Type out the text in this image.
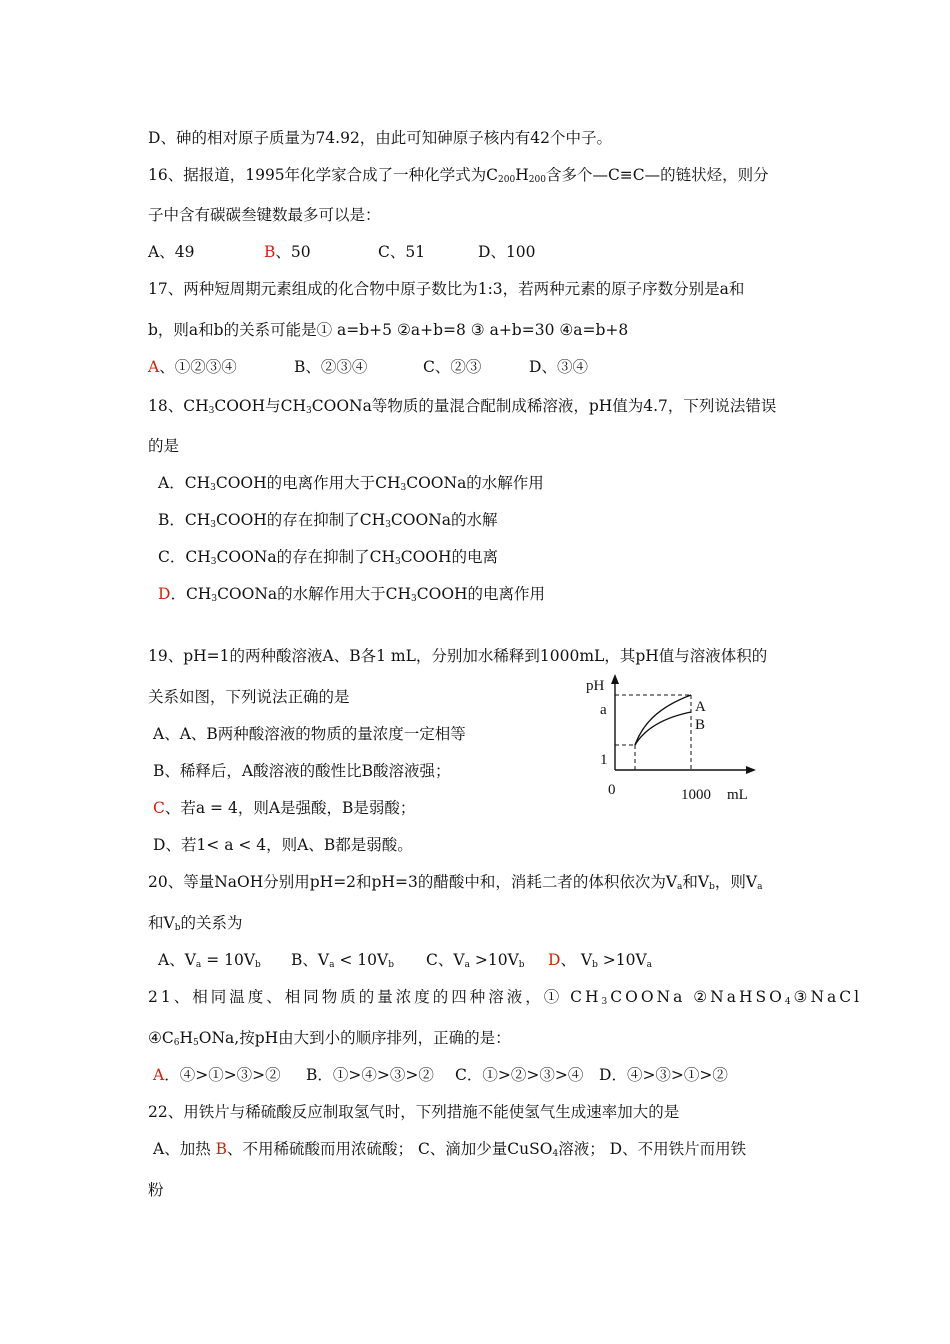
D、砷的相对原子质量为74.92，由此可知砷原子核内有42个中子。
16、据报道，1995年化学家合成了一种化学式为$C_{200}H_{200}$含多个—C≡C—的链状烃，则分
子中含有碳碳叁键数最多可以是：
A、49	B、50	C、51	D、100
17、两种短周期元素组成的化合物中原子数比为1:3，若两种元素的原子序数分别是a和
b，则a和b的关系可能是① a=b+5 ②a+b=8 ③ a+b=30 ④a=b+8
A、①②③④	B、②③④	C、②③	D、③④
18、$CH_3COOH$与$CH_3COONa$等物质的量混合配制成稀溶液，pH值为4.7，下列说法错误
的是
A．$CH_3COOH$的电离作用大于$CH_3COONa$的水解作用
B．$CH_3COOH$的存在抑制了$CH_3COONa$的水解
C．$CH_3COONa$的存在抑制了$CH_3COOH$的电离
D．$CH_3COONa$的水解作用大于$CH_3COOH$的电离作用
19、pH=1的两种酸溶液A、B各1 mL，分别加水稀释到1000mL，其pH值与溶液体积的
关系如图，下列说法正确的是
A、A、B两种酸溶液的物质的量浓度一定相等
B、稀释后，A酸溶液的酸性比B酸溶液强；
C、若a = 4，则A是强酸，B是弱酸；
D、若1< a < 4，则A、B都是弱酸。
pH
a
1
0	1000 mL
A
B
20、等量NaOH分别用pH=2和pH=3的醋酸中和，消耗二者的体积依次为$V_a$和$V_b$，则$V_a$
和$V_b$的关系为
A、$V_a = 10V_b$ B、$V_a < 10V_b$ C、$V_a >10V_b$ D、 $V_b >10V_a$
21、相同温度、相同物质的量浓度的四种溶液，① $CH_3COONa$ ②NaHSO$_4$③NaCl
$④C_6H_5ONa$,按pH由大到小的顺序排列，正确的是：
A．④>①>③>② B．①>④>③>② C．①>②>③>④ D．④>③>①>②
22、用铁片与稀硫酸反应制取氢气时，下列措施不能使氢气生成速率加大的是
A、加热 B、不用稀硫酸而用浓硫酸； C、滴加少量CuSO$_4$溶液； D、不用铁片而用铁
粉
